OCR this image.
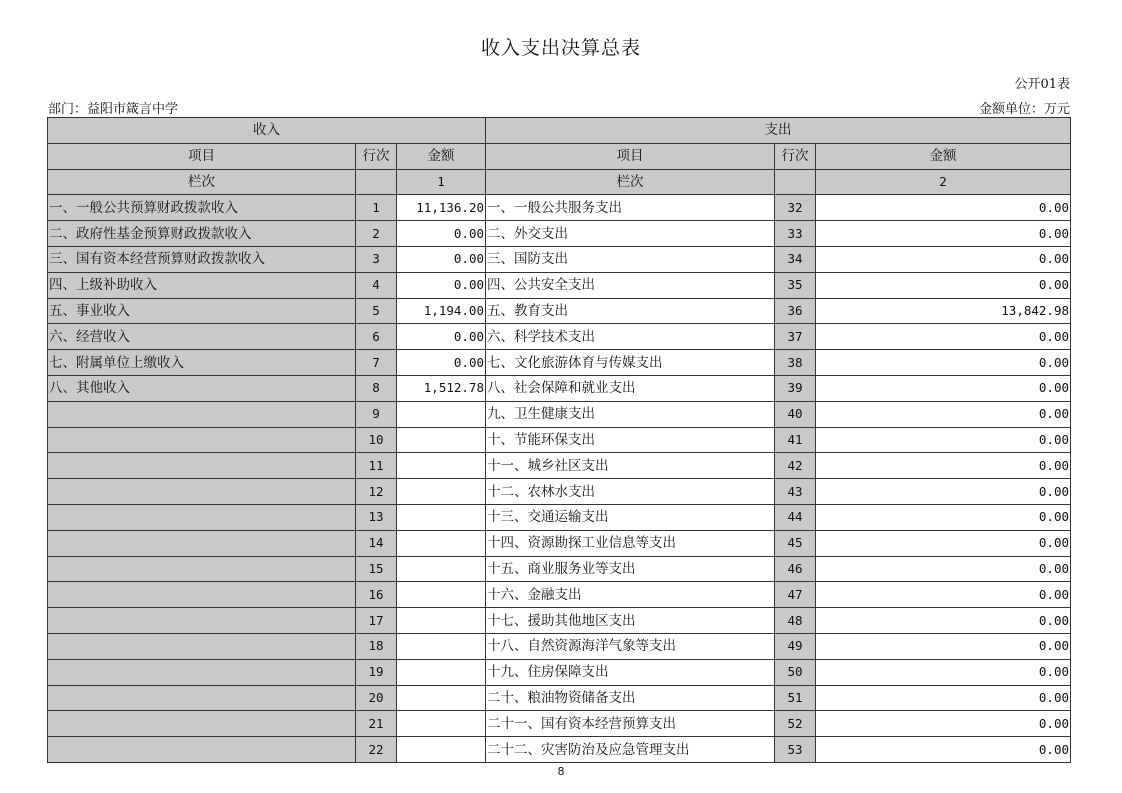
收入支出决算总表
公开01表
部门：益阳市箴言中学	金额单位：万元
收入			支出		
项目	行次	金额	项目	行次	金额
栏次		1	栏次		2
一、一般公共预算财政拨款收入	1	11,136.20	一、一般公共服务支出	32	0.00
二、政府性基金预算财政拨款收入	2	0.00	二、外交支出	33	0.00
三、国有资本经营预算财政拨款收入	3	0.00	三、国防支出	34	0.00
四、上级补助收入	4	0.00	四、公共安全支出	35	0.00
五、事业收入	5	1,194.00	五、教育支出	36	13,842.98
六、经营收入	6	0.00	六、科学技术支出	37	0.00
七、附属单位上缴收入	7	0.00	七、文化旅游体育与传媒支出	38	0.00
八、其他收入	8	1,512.78	八、社会保障和就业支出	39	0.00
	9		九、卫生健康支出	40	0.00
	10		十、节能环保支出	41	0.00
	11		十一、城乡社区支出	42	0.00
	12		十二、农林水支出	43	0.00
	13		十三、交通运输支出	44	0.00
	14		十四、资源勘探工业信息等支出	45	0.00
	15		十五、商业服务业等支出	46	0.00
	16		十六、金融支出	47	0.00
	17		十七、援助其他地区支出	48	0.00
	18		十八、自然资源海洋气象等支出	49	0.00
	19		十九、住房保障支出	50	0.00
	20		二十、粮油物资储备支出	51	0.00
	21		二十一、国有资本经营预算支出	52	0.00
	22		二十二、灾害防治及应急管理支出	53	0.00
8
